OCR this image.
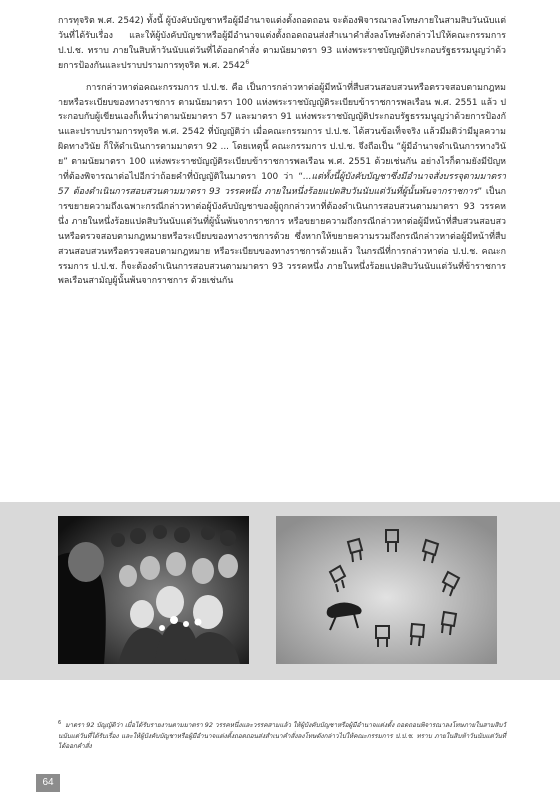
การทุจริต พ.ศ. 2542) ทั้งนี้ ผู้บังคับบัญชาหรือผู้มีอำนาจแต่งตั้งถอดถอน จะต้องพิจารณาลงโทษภายในสามสิบวันนับแต่วันที่ได้รับเรื่อง และให้ผู้บังคับบัญชาหรือผู้มีอำนาจแต่งตั้งถอดถอนส่งสำเนาคำสั่งลงโทษดังกล่าวไปให้คณะกรรมการ ป.ป.ช. ทราบ ภายในสิบห้าวันนับแต่วันที่ได้ออกคำสั่ง ตามนัยมาตรา 93 แห่งพระราชบัญญัติประกอบรัฐธรรมนูญว่าด้วยการป้องกันและปราบปรามการทุจริต พ.ศ. 2542$^6$

การกล่าวหาต่อคณะกรรมการ ป.ป.ช. คือ เป็นการกล่าวหาต่อผู้มีหน้าที่สืบสวนสอบสวนหรือตรวจสอบตามกฎหมายหรือระเบียบของทางราชการ ตามนัยมาตรา 100 แห่งพระราชบัญญัติระเบียบข้าราชการพลเรือน พ.ศ. 2551 แล้ว ประกอบกับผู้เขียนเองก็เห็นว่าตามนัยมาตรา 57 และมาตรา 91 แห่งพระราชบัญญัติประกอบรัฐธรรมนูญว่าด้วยการป้องกันและปราบปรามการทุจริต พ.ศ. 2542 ที่บัญญัติว่า เมื่อคณะกรรมการ ป.ป.ช. ได้สวนข้อเท็จจริง แล้วมีมติว่ามีมูลความผิดทางวินัย ก็ให้ดำเนินการตามมาตรา 92 ... โดยเหตุนี้ คณะกรรมการ ป.ป.ช. จึงถือเป็น “ผู้มีอำนาจดำเนินการทางวินัย” ตามนัยมาตรา 100 แห่งพระราชบัญญัติระเบียบข้าราชการพลเรือน พ.ศ. 2551 ด้วยเช่นกัน อย่างไรก็ตามยังมีปัญหาที่ต้องพิจารณาต่อไปอีกว่าถ้อยคำที่บัญญัติในมาตรา 100 ว่า “...แต่ทั้งนี้ผู้บังคับบัญชาซึ่งมีอำนาจสั่งบรรจุตามมาตรา 57 ต้องดำเนินการสอบสวนตามมาตรา 93 วรรคหนึ่ง ภายในหนึ่งร้อยแปดสิบวันนับแต่วันที่ผู้นั้นพ้นจากราชการ” เป็นการขยายความถึงเฉพาะกรณีกล่าวหาต่อผู้บังคับบัญชาของผู้ถูกกล่าวหาที่ต้องดำเนินการสอบสวนตามมาตรา 93 วรรคหนึ่ง ภายในหนึ่งร้อยแปดสิบวันนับแต่วันที่ผู้นั้นพ้นจากราชการ หรือขยายความถึงกรณีกล่าวหาต่อผู้มีหน้าที่สืบสวนสอบสวนหรือตรวจสอบตามกฎหมายหรือระเบียบของทางราชการด้วย ซึ่งหากให้ขยายความรวมถึงกรณีกล่าวหาต่อผู้มีหน้าที่สืบสวนสอบสวนหรือตรวจสอบตามกฎหมาย หรือระเบียบของทางราชการด้วยแล้ว ในกรณีที่การกล่าวหาต่อ ป.ป.ช. คณะกรรมการ ป.ป.ช. ก็จะต้องดำเนินการสอบสวนตามมาตรา 93 วรรคหนึ่ง ภายในหนึ่งร้อยแปดสิบวันนับแต่วันที่ข้าราชการพลเรือนสามัญผู้นั้นพ้นจากราชการ ด้วยเช่นกัน

$^6$ มาตรา 92 บัญญัติว่า เมื่อได้รับรายงานตามมาตรา 92 วรรคหนึ่งและวรรคสามแล้ว ให้ผู้บังคับบัญชาหรือผู้มีอำนาจแต่งตั้ง ถอดถอนพิจารณาลงโทษภายในสามสิบวันนับแต่วันที่ได้รับเรื่อง และให้ผู้บังคับบัญชาหรือผู้มีอำนาจแต่งตั้งถอดถอนส่งสำเนาคำสั่งลงโทษดังกล่าวไปให้คณะกรรมการ ป.ป.ช. ทราบ ภายในสิบห้าวันนับแต่วันที่ได้ออกคำสั่ง
64
